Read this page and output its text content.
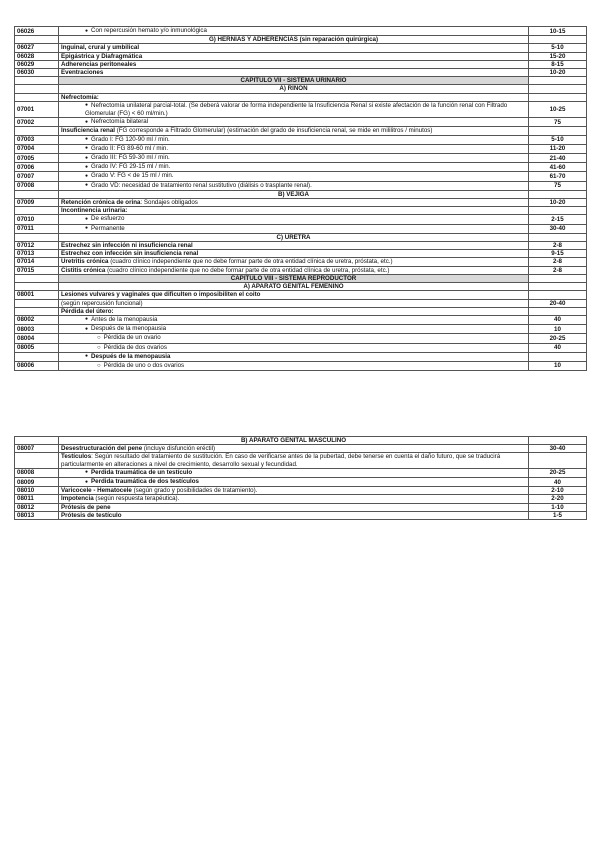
06026	● Con repercusión hemato y/o inmunológica	10-15
	G) HERNIAS Y ADHERENCIAS (sin reparación quirúrgica)	
06027	Inguinal, crural y umbilical	5-10
06028	Epigástrica y Diafragmática	15-20
06029	Adherencias peritoneales	8-15
06030	Eventraciones	10-20
	CAPITULO VII - SISTEMA URINARIO	
	A) RIÑON	
	Nefrectomía:	
07001	● Nefrectomía unilateral parcial-total. (Se deberá valorar de forma independiente la Insuficiencia Renal si existe afectación de la función renal con Filtrado Glomerular (FG) < 60 ml/min.)	10-25
07002	● Nefrectomía bilateral	75
	Insuficiencia renal (FG corresponde a Filtrado Glomerular) (estimación del grado de insuficiencia renal, se mide en mililitros / minutos)	
07003	● Grado I: FG 120-90 ml / min.	5-10
07004	● Grado II: FG 89-60 ml / min.	11-20
07005	● Grado III: FG 59-30 ml / min.	21-40
07006	● Grado IV: FG 29-15 ml / min.	41-60
07007	● Grado V: FG < de 15 ml / min.	61-70
07008	● Grado VD: necesidad de tratamiento renal sustitutivo (diálisis o trasplante renal).	75
	B) VEJIGA	
07009	Retención crónica de orina: Sondajes obligados	10-20
	Incontinencia urinaria:	
07010	● De esfuerzo	2-15
07011	● Permanente	30-40
	C) URETRA	
07012	Estrechez sin infección ni insuficiencia renal	2-8
07013	Estrechez con infección sin insuficiencia renal	9-15
07014	Uretritis crónica (cuadro clínico independiente que no debe formar parte de otra entidad clínica de uretra, próstata, etc.)	2-8
07015	Cistitis crónica (cuadro clínico independiente que no debe formar parte de otra entidad clínica de uretra, próstata, etc.)	2-8
	CAPITULO VIII - SISTEMA REPRODUCTOR	
	A) APARATO GENITAL FEMENINO	
08001	Lesiones vulvares y vaginales que dificulten o imposibiliten el coito	
	(según repercusión funcional)	20-40
	Pérdida del útero:	
08002	● Antes de la menopausia	40
08003	● Después de la menopausia	10
08004	○ Pérdida de un ovario	20-25
08005	○ Pérdida de dos ovarios	40
	● Después de la menopausia	
08006	○ Pérdida de uno o dos ovarios	10
	B) APARATO GENITAL MASCULINO	
08007	Desestructuración del pene (incluye disfunción eréctil)	30-40
	Testículos: Según resultado del tratamiento de sustitución. En caso de verificarse antes de la pubertad, debe tenerse en cuenta el daño futuro, que se traducirá particularmente en alteraciones a nivel de crecimiento, desarrollo sexual y fecundidad.	
08008	● Perdida traumática de un testículo	20-25
08009	● Perdida traumática de dos testículos	40
08010	Varicocele - Hematocele (según grado y posibilidades de tratamiento).	2-10
08011	Impotencia (según respuesta terapéutica).	2-20
08012	Prótesis de pene	1-10
08013	Prótesis de testículo	1-5
